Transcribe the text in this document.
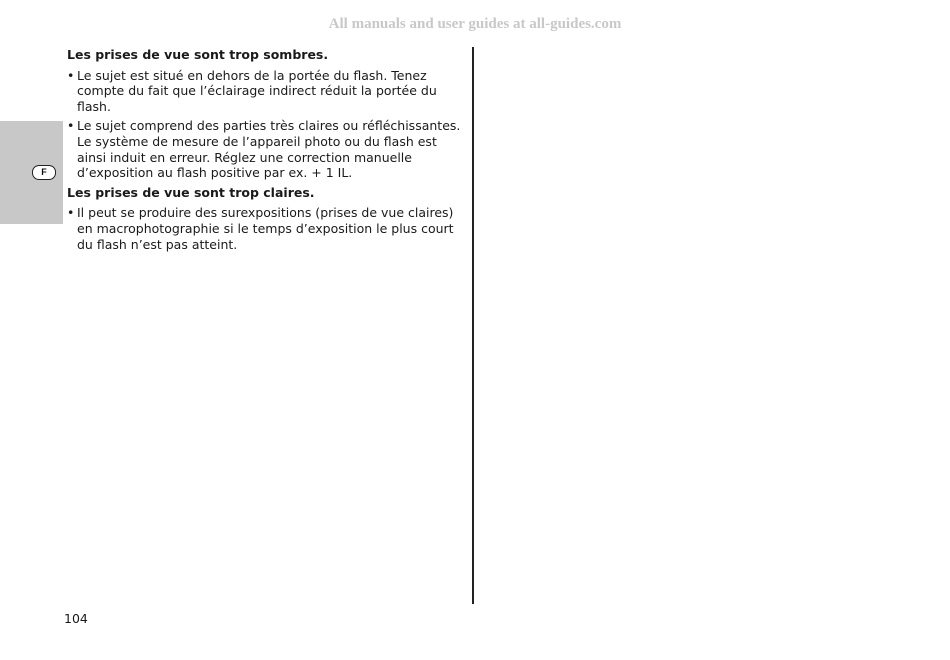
All manuals and user guides at all-guides.com
F

Les prises de vue sont trop sombres.

• Le sujet est situé en dehors de la portée du flash. Tenez compte du fait que l’éclairage indirect réduit la portée du flash.
• Le sujet comprend des parties très claires ou réfléchissantes. Le système de mesure de l’appareil photo ou du flash est ainsi induit en erreur. Réglez une correction manuelle d’exposition au flash positive par ex. + 1 IL.

Les prises de vue sont trop claires.

• Il peut se produire des surexpositions (prises de vue claires) en macrophotographie si le temps d’exposition le plus court du flash n’est pas atteint.
104
